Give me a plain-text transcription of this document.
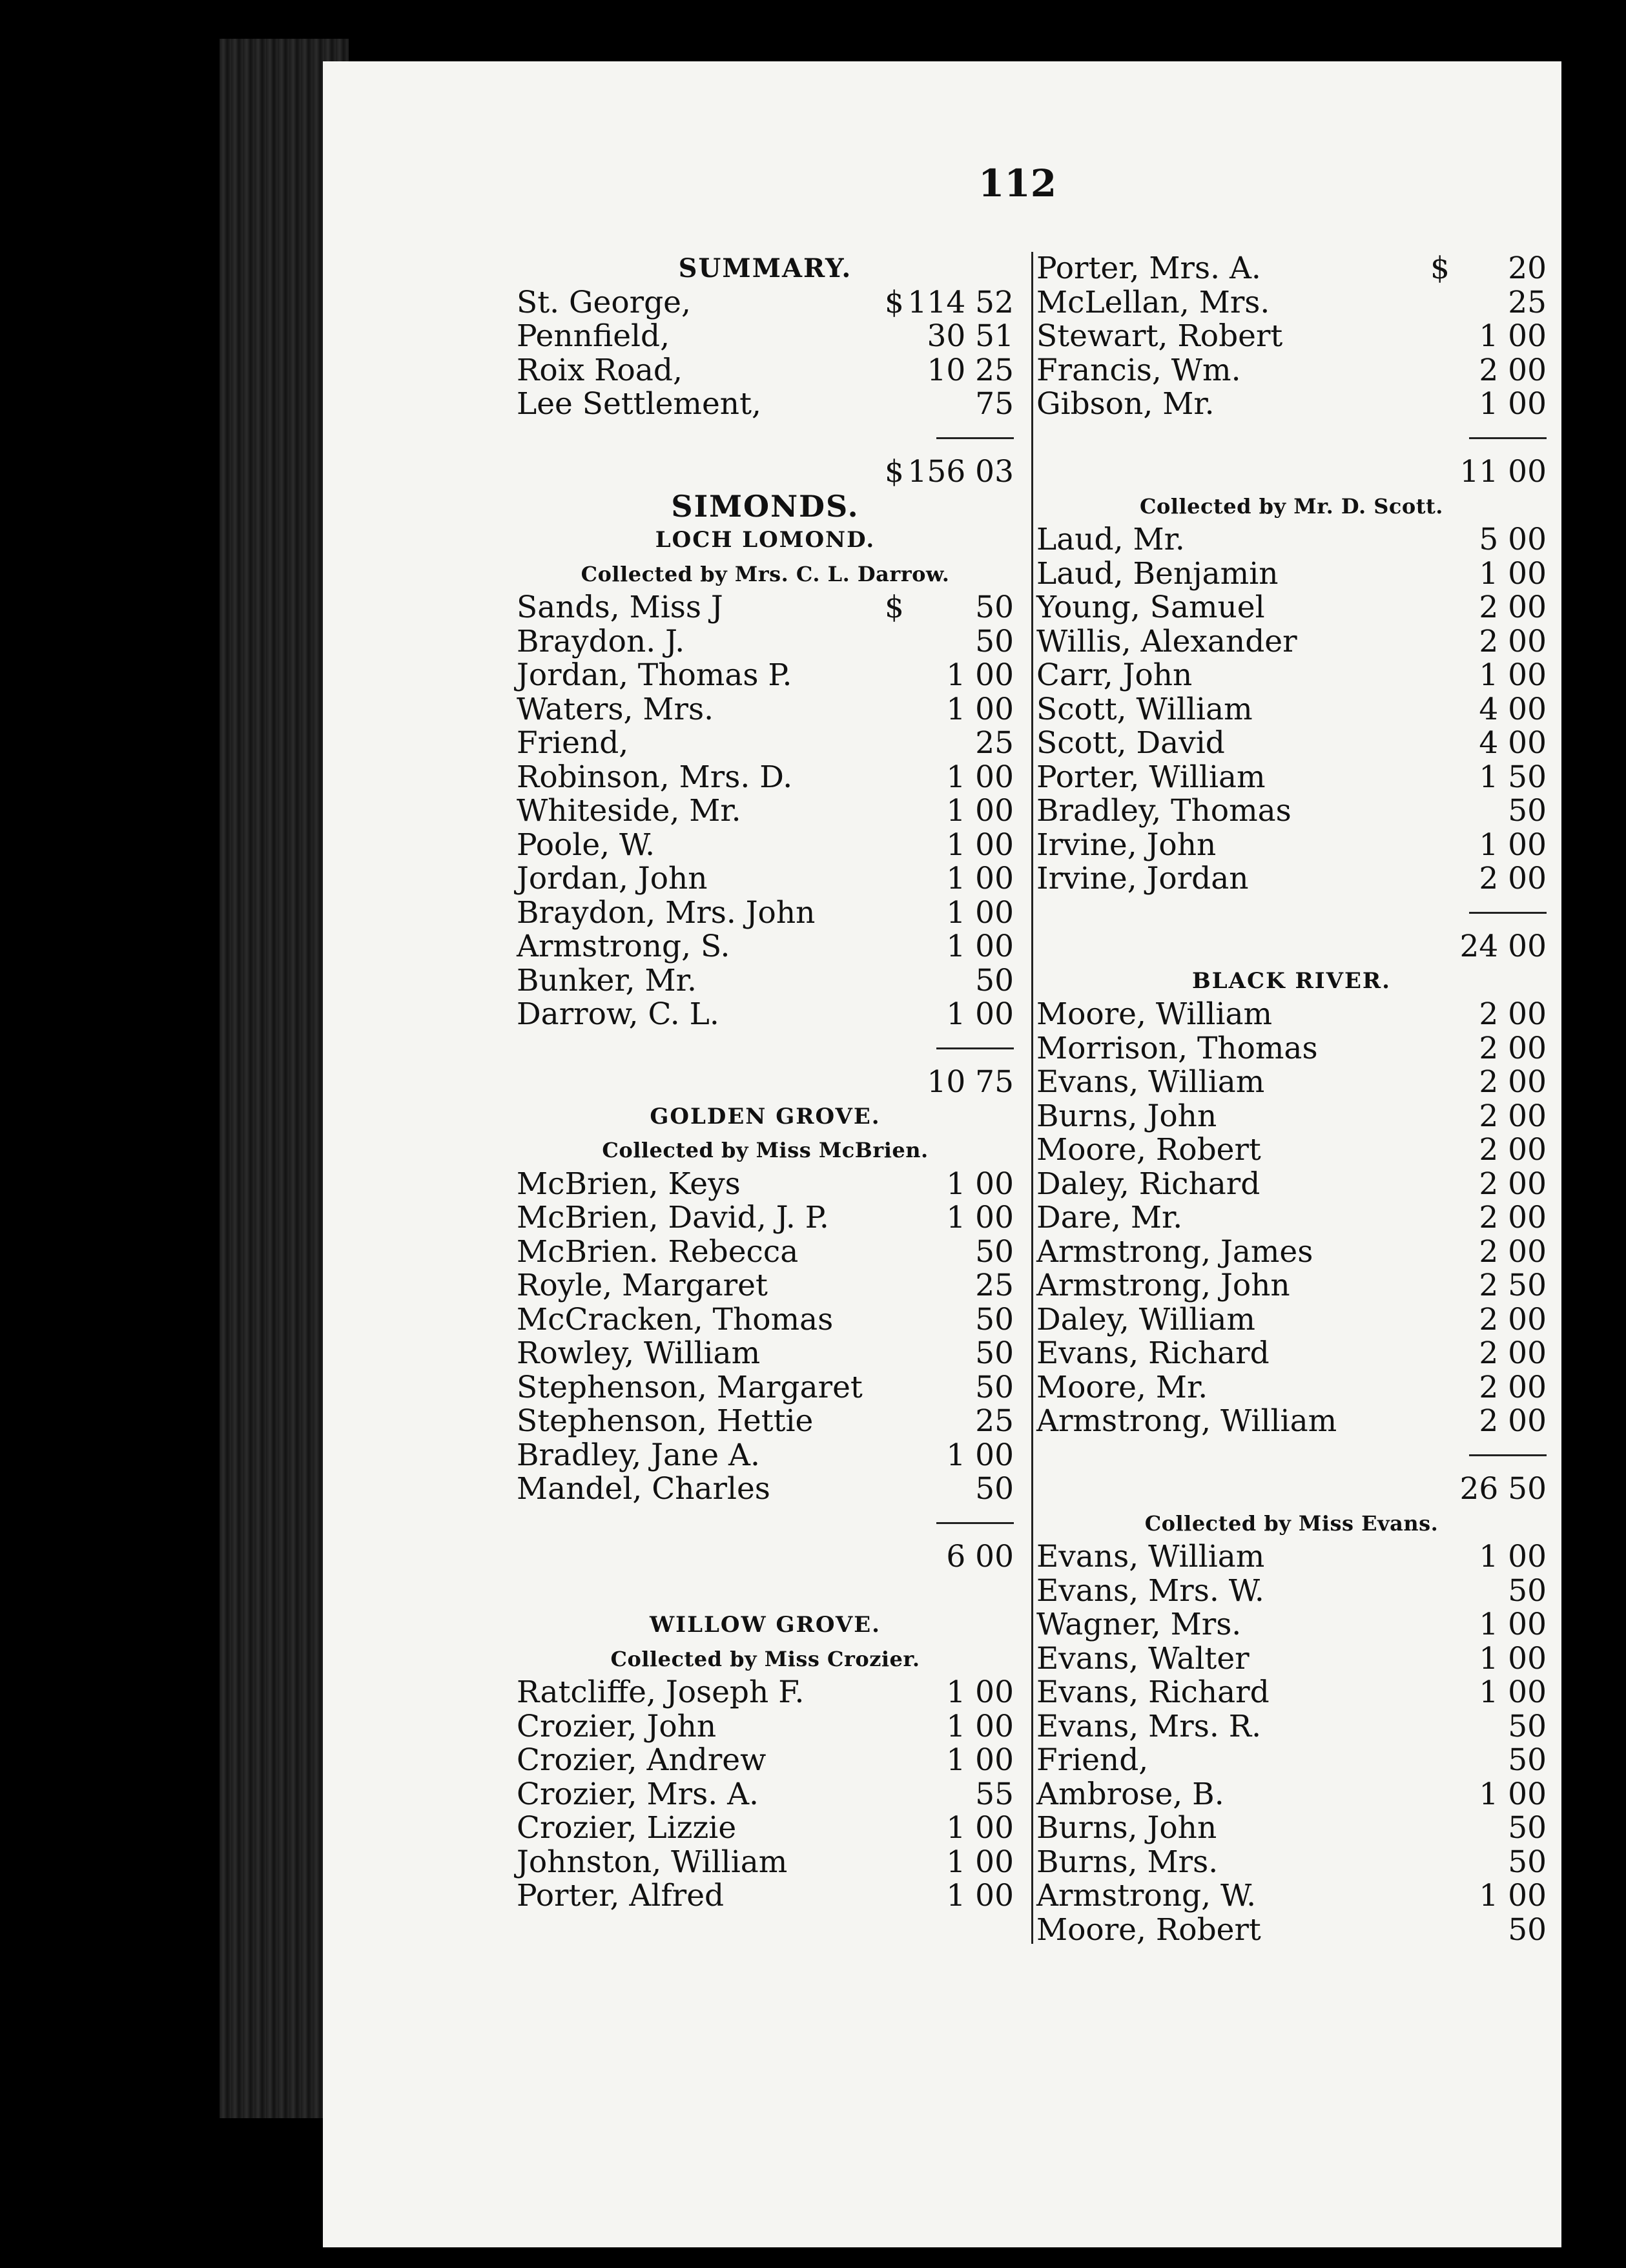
112
SUMMARY.
St. George,	$ 114 52
Pennfield,	30 51
Roix Road,	10 25
Lee Settlement,	75
$ 156 03
SIMONDS.
LOCH LOMOND.
Collected by Mrs. C. L. Darrow.
Sands, Miss J	$ 50
Braydon. J.	50
Jordan, Thomas P.	1 00
Waters, Mrs.	1 00
Friend,	25
Robinson, Mrs. D.	1 00
Whiteside, Mr.	1 00
Poole, W.	1 00
Jordan, John	1 00
Braydon, Mrs. John	1 00
Armstrong, S.	1 00
Bunker, Mr.	50
Darrow, C. L.	1 00
10 75
GOLDEN GROVE.
Collected by Miss McBrien.
McBrien, Keys	1 00
McBrien, David, J. P.	1 00
McBrien. Rebecca	50
Royle, Margaret	25
McCracken, Thomas	50
Rowley, William	50
Stephenson, Margaret	50
Stephenson, Hettie	25
Bradley, Jane A.	1 00
Mandel, Charles	50
6 00
WILLOW GROVE.
Collected by Miss Crozier.
Ratcliffe, Joseph F.	1 00
Crozier, John	1 00
Crozier, Andrew	1 00
Crozier, Mrs. A.	55
Crozier, Lizzie	1 00
Johnston, William	1 00
Porter, Alfred	1 00
Porter, Mrs. A.	$ 20
McLellan, Mrs.	25
Stewart, Robert	1 00
Francis, Wm.	2 00
Gibson, Mr.	1 00
11 00
Collected by Mr. D. Scott.
Laud, Mr.	5 00
Laud, Benjamin	1 00
Young, Samuel	2 00
Willis, Alexander	2 00
Carr, John	1 00
Scott, William	4 00
Scott, David	4 00
Porter, William	1 50
Bradley, Thomas	50
Irvine, John	1 00
Irvine, Jordan	2 00
24 00
BLACK RIVER.
Moore, William	2 00
Morrison, Thomas	2 00
Evans, William	2 00
Burns, John	2 00
Moore, Robert	2 00
Daley, Richard	2 00
Dare, Mr.	2 00
Armstrong, James	2 00
Armstrong, John	2 50
Daley, William	2 00
Evans, Richard	2 00
Moore, Mr.	2 00
Armstrong, William	2 00
26 50
Collected by Miss Evans.
Evans, William	1 00
Evans, Mrs. W.	50
Wagner, Mrs.	1 00
Evans, Walter	1 00
Evans, Richard	1 00
Evans, Mrs. R.	50
Friend,	50
Ambrose, B.	1 00
Burns, John	50
Burns, Mrs.	50
Armstrong, W.	1 00
Moore, Robert	50
